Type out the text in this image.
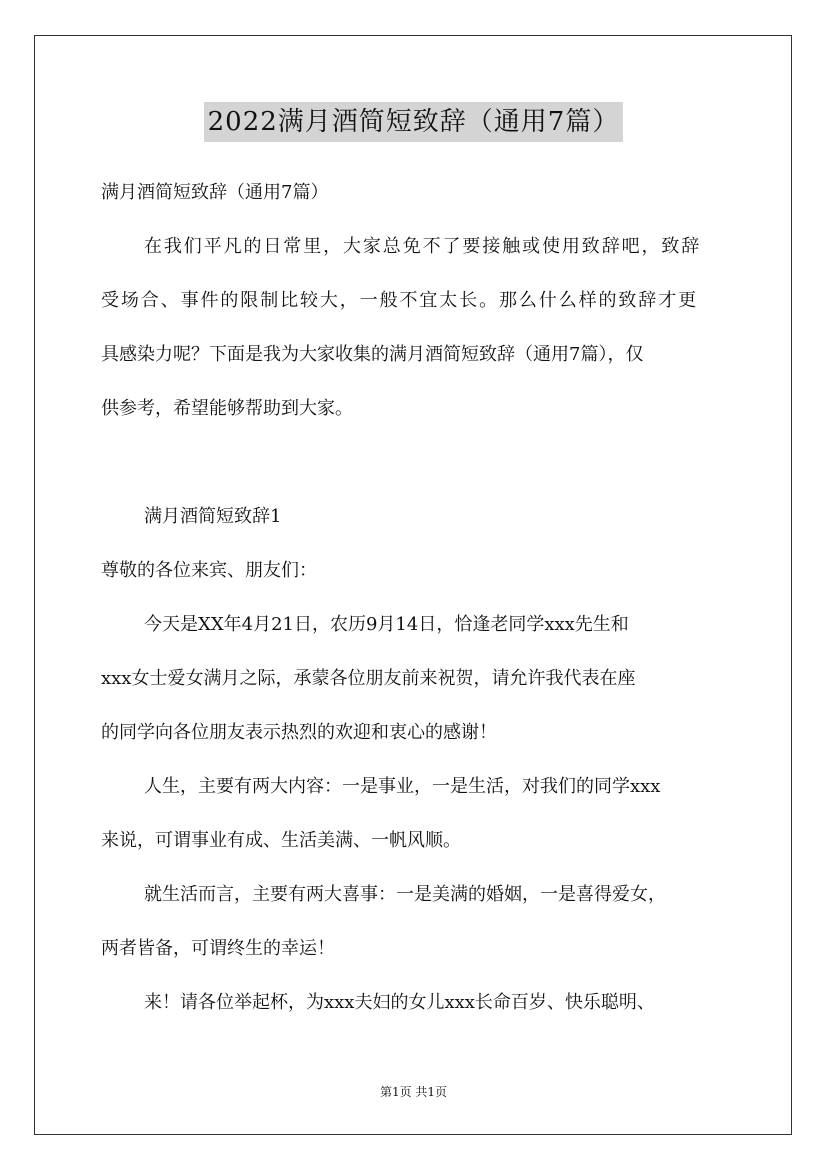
2022满月酒简短致辞（通用7篇）
满月酒简短致辞（通用7篇）
在我们平凡的日常里，大家总免不了要接触或使用致辞吧，致辞
受场合、事件的限制比较大，一般不宜太长。那么什么样的致辞才更
具感染力呢？下面是我为大家收集的满月酒简短致辞（通用7篇），仅
供参考，希望能够帮助到大家。
满月酒简短致辞1
尊敬的各位来宾、朋友们：
今天是XX年4月21日，农历9月14日，恰逢老同学xxx先生和
xxx女士爱女满月之际，承蒙各位朋友前来祝贺，请允许我代表在座
的同学向各位朋友表示热烈的欢迎和衷心的感谢！
人生，主要有两大内容：一是事业，一是生活，对我们的同学xxx
来说，可谓事业有成、生活美满、一帆风顺。
就生活而言，主要有两大喜事：一是美满的婚姻，一是喜得爱女，
两者皆备，可谓终生的幸运！
来！请各位举起杯，为xxx夫妇的女儿xxx长命百岁、快乐聪明、
第1页 共1页
